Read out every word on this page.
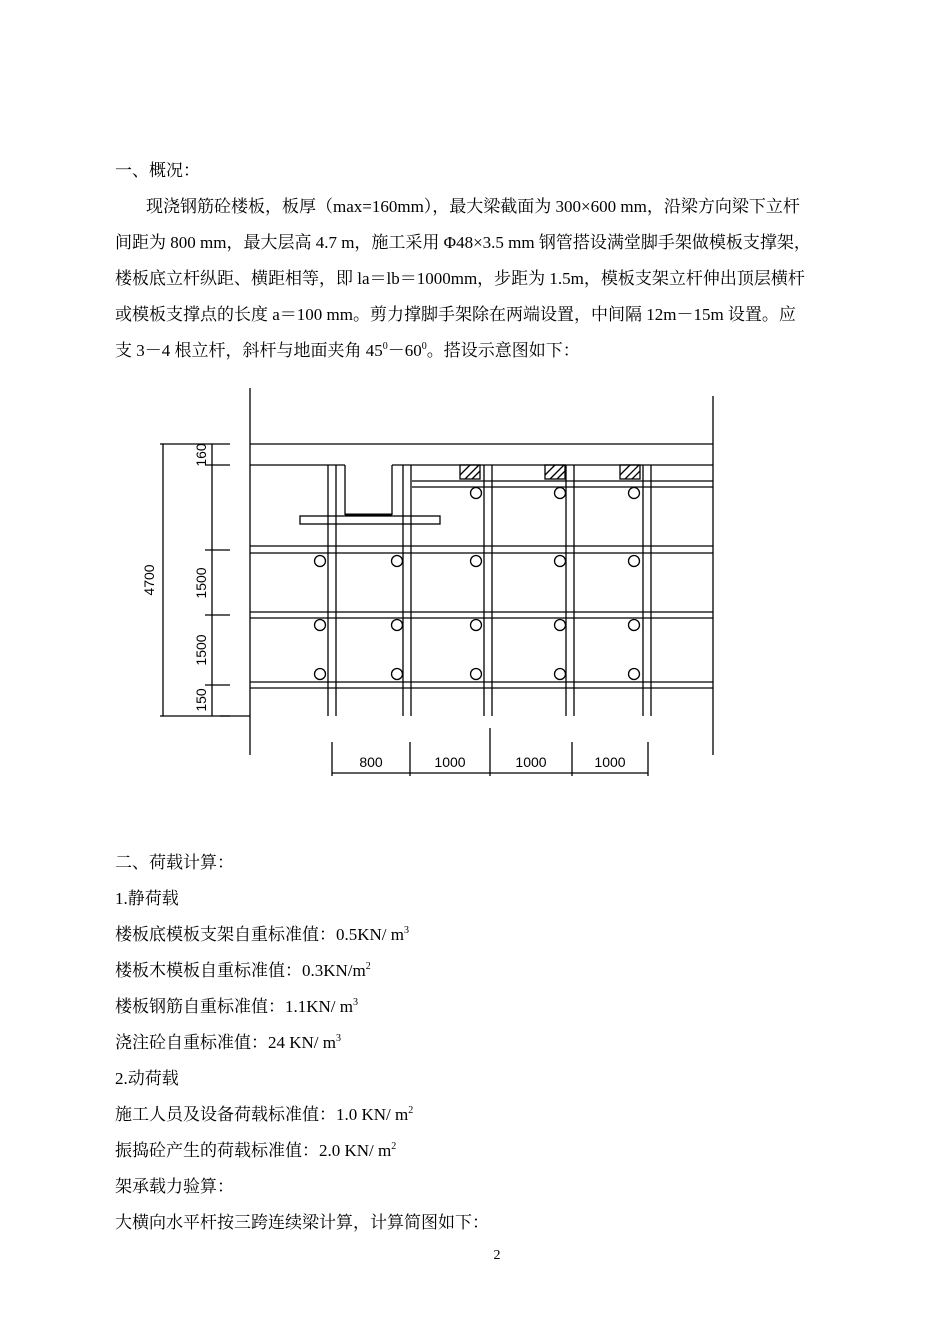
一、概况：
现浇钢筋砼楼板，板厚（max=160mm），最大梁截面为 300×600 mm，沿梁方向梁下立杆
间距为 800 mm，最大层高 4.7 m，施工采用 Φ48×3.5 mm 钢管搭设满堂脚手架做模板支撑架，
楼板底立杆纵距、横距相等，即 la＝lb＝1000mm，步距为 1.5m，模板支架立杆伸出顶层横杆
或模板支撑点的长度 a＝100 mm。剪力撑脚手架除在两端设置，中间隔 12m－15m 设置。应
支 3－4 根立杆，斜杆与地面夹角 $45^0-60^0$。搭设示意图如下：
4700
160
1500
1500
150
800	1000	1000	1000
二、荷载计算：
1.静荷载
楼板底模板支架自重标准值：0.5KN/ $m^3$
楼板木模板自重标准值：$0.3KN/m^2$
楼板钢筋自重标准值：1.1KN/ $m^3$
浇注砼自重标准值：24 KN/ $m^3$
2.动荷载
施工人员及设备荷载标准值：1.0 KN/ $m^2$
振捣砼产生的荷载标准值：2.0 KN/ $m^2$
架承载力验算：
大横向水平杆按三跨连续梁计算，计算简图如下：
2
